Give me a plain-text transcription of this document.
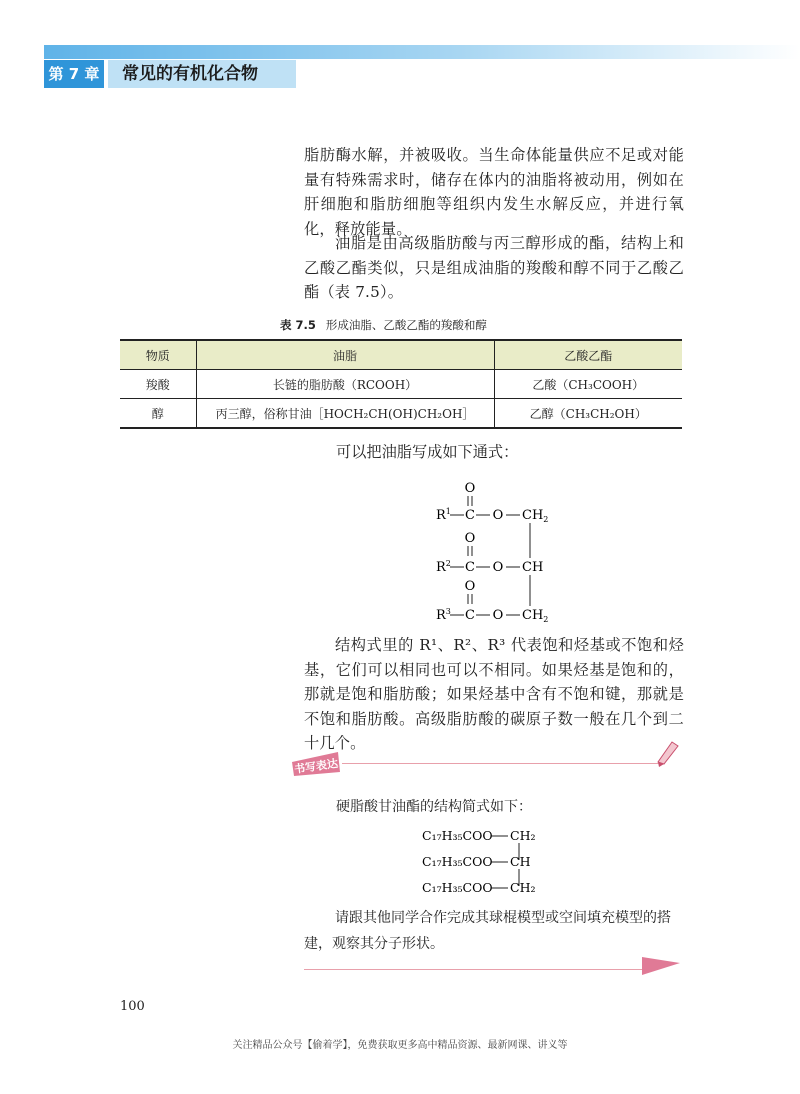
第 7 章	常见的有机化合物
脂肪酶水解，并被吸收。当生命体能量供应不足或对能量有特殊需求时，储存在体内的油脂将被动用，例如在肝细胞和脂肪细胞等组织内发生水解反应，并进行氧化，释放能量。
油脂是由高级脂肪酸与丙三醇形成的酯，结构上和乙酸乙酯类似，只是组成油脂的羧酸和醇不同于乙酸乙酯（表 7.5）。
表 7.5 形成油脂、乙酸乙酯的羧酸和醇
物质	油脂	乙酸乙酯
羧酸	长链的脂肪酸（RCOOH）	乙酸（CH₃COOH）
醇	丙三醇，俗称甘油［HOCH₂CH(OH)CH₂OH］	乙醇（CH₃CH₂OH）
可以把油脂写成如下通式：
O
$R^1$ C O $CH_2$
O
$R^2$ C O CH
O
$R^3$ C O $CH_2$
结构式里的 R¹、R²、R³ 代表饱和烃基或不饱和烃基，它们可以相同也可以不相同。如果烃基是饱和的，那就是饱和脂肪酸；如果烃基中含有不饱和键，那就是不饱和脂肪酸。高级脂肪酸的碳原子数一般在几个到二十几个。
书写表达
硬脂酸甘油酯的结构简式如下：
C₁₇H₃₅COO CH₂
C₁₇H₃₅COO CH
C₁₇H₃₅COO CH₂
请跟其他同学合作完成其球棍模型或空间填充模型的搭建，观察其分子形状。
100
关注精品公众号【偷着学】，免费获取更多高中精品资源、最新网课、讲义等
